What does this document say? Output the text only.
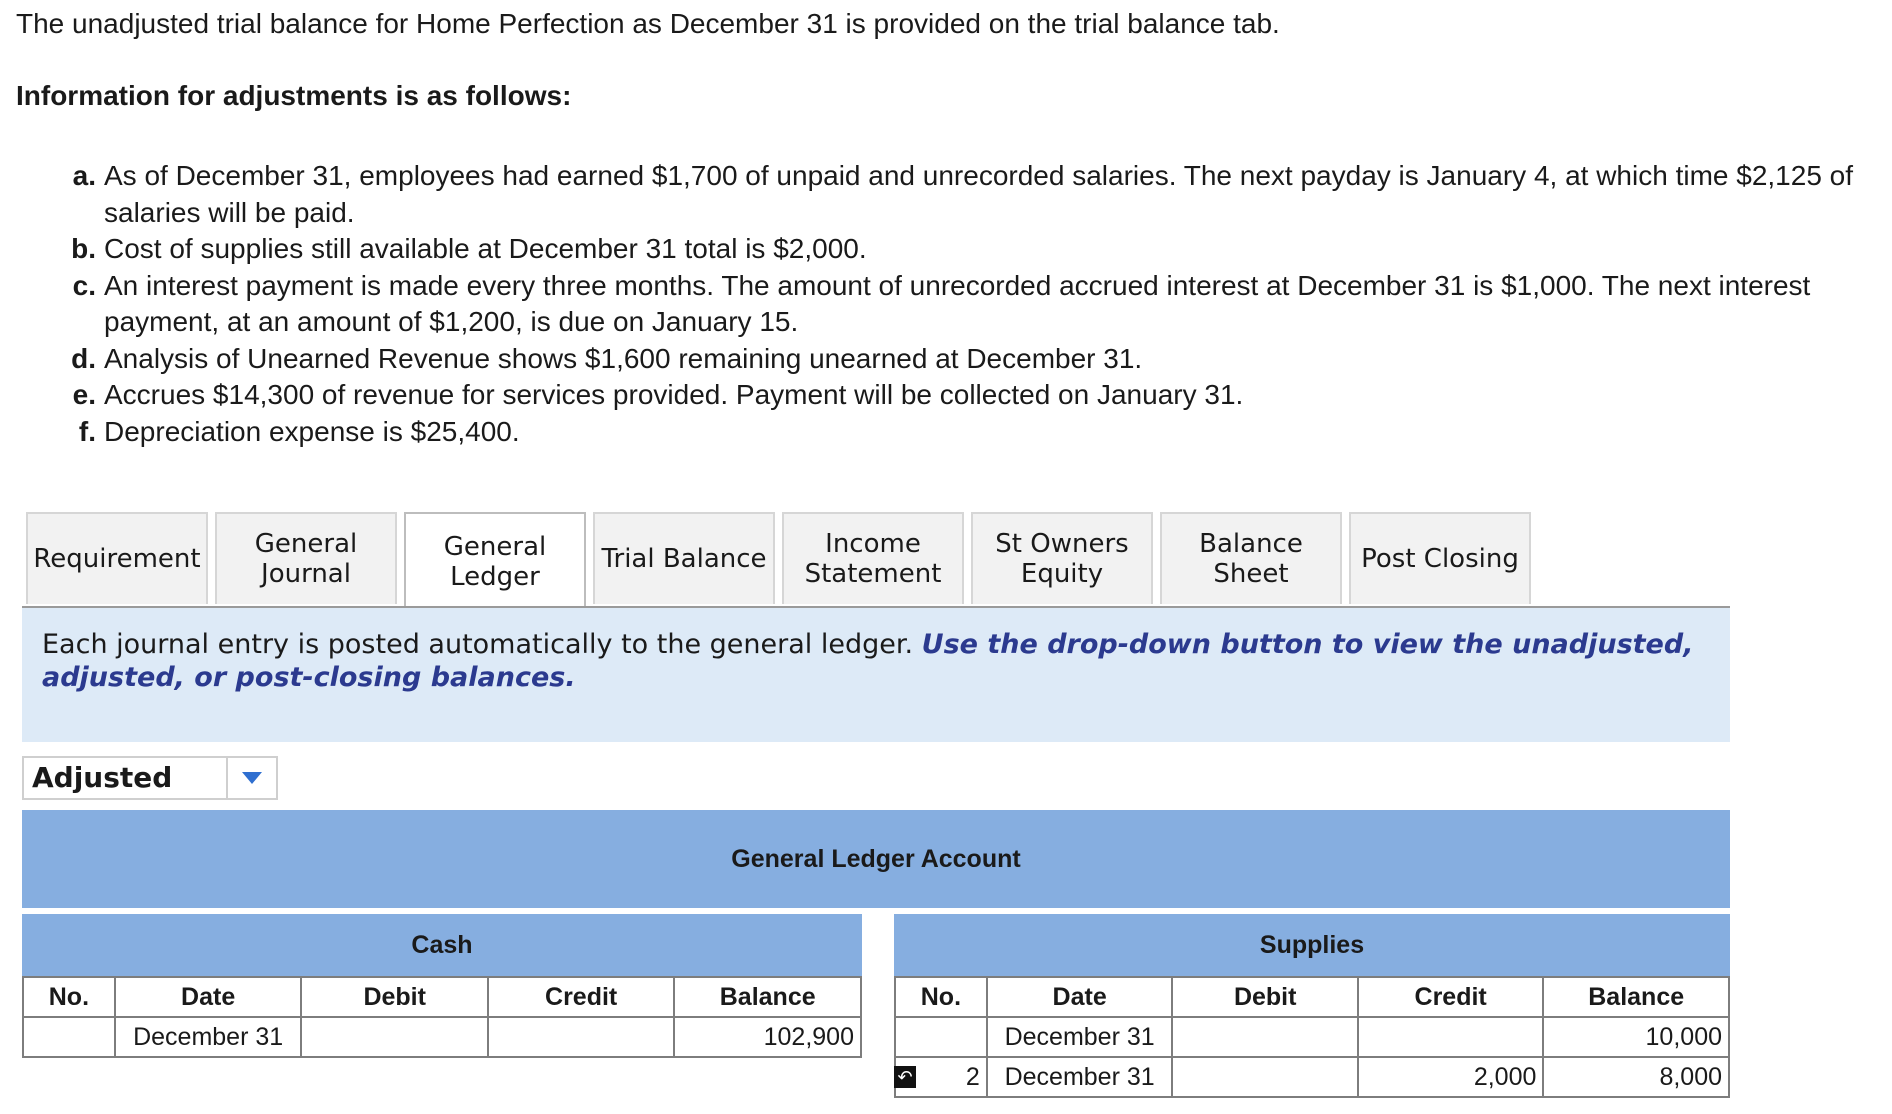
The unadjusted trial balance for Home Perfection as December 31 is provided on the trial balance tab.
Information for adjustments is as follows:
a. As of December 31, employees had earned $1,700 of unpaid and unrecorded salaries. The next payday is January 4, at which time $2,125 of salaries will be paid.
b. Cost of supplies still available at December 31 total is $2,000.
c. An interest payment is made every three months. The amount of unrecorded accrued interest at December 31 is $1,000. The next interest payment, at an amount of $1,200, is due on January 15.
d. Analysis of Unearned Revenue shows $1,600 remaining unearned at December 31.
e. Accrues $14,300 of revenue for services provided. Payment will be collected on January 31.
f. Depreciation expense is $25,400.
Requirement	General Journal
General Ledger
Trial Balance	Income Statement
St Owners Equity
Balance Sheet	Post Closing
Each journal entry is posted automatically to the general ledger. Use the drop-down button to view the unadjusted, adjusted, or post-closing balances.
Adjusted
General Ledger Account
Cash
No.	Date	Debit	Credit	Balance
	December 31			102,900
Supplies
No.	Date	Debit	Credit	Balance
	December 31			10,000
2	December 31		2,000	8,000
↶
